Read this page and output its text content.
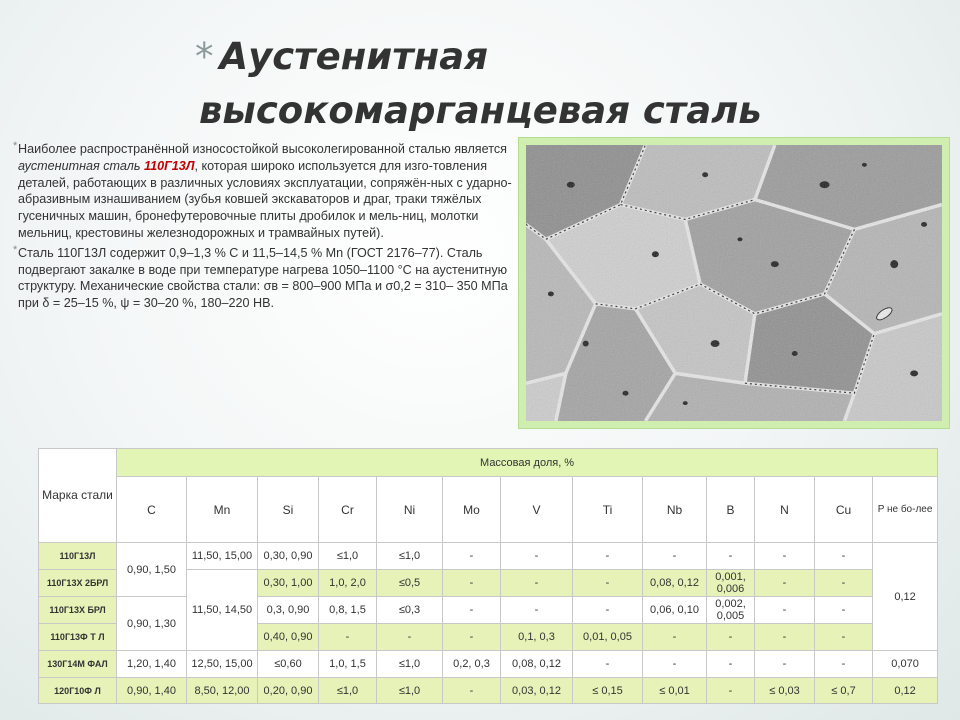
* Аустенитная
высокомарганцевая сталь

* Наиболее распространённой износостойкой высоколегированной сталью является аустенитная сталь 110Г13Л, которая широко используется для изго-товления деталей, работающих в различных условиях эксплуатации, сопряжён-ных с ударно-абразивным изнашиванием (зубья ковшей экскаваторов и драг, траки тяжёлых гусеничных машин, бронефутеровочные плиты дробилок и мель-ниц, молотки мельниц, крестовины железнодорожных и трамвайных путей).

* Сталь 110Г13Л содержит 0,9–1,3 % С и 11,5–14,5 % Mn (ГОСТ 2176–77). Сталь подвергают закалке в воде при температуре нагрева 1050–1100 °С на аустенитную структуру. Механические свойства стали: σв = 800–900 МПа и σ0,2 = 310– 350 МПа при δ = 25–15 %, ψ = 30–20 %, 180–220 НВ.

Марка стали	Массовая доля, %												
	C	Mn	Si	Cr	Ni	Mo	V	Ti	Nb	B	N	Cu	P не бо-лее
110Г13Л	0,90, 1,50	11,50, 15,00	0,30, 0,90	≤1,0	≤1,0	-	-	-	-	-	-	-	0,12
110Г13Х 2БРЛ		11,50, 14,50	0,30, 1,00	1,0, 2,0	≤0,5	-	-	-	0,08, 0,12	0,001, 0,006	-	-	
110Г13Х БРЛ	0,90, 1,30		0,3, 0,90	0,8, 1,5	≤0,3	-	-	-	0,06, 0,10	0,002, 0,005	-	-	
110Г13Ф Т Л			0,40, 0,90	-	-	-	0,1, 0,3	0,01, 0,05	-	-	-	-	
130Г14М ФАЛ	1,20, 1,40	12,50, 15,00	≤0,60	1,0, 1,5	≤1,0	0,2, 0,3	0,08, 0,12	-	-	-	-	-	0,070
120Г10Ф Л	0,90, 1,40	8,50, 12,00	0,20, 0,90	≤1,0	≤1,0	-	0,03, 0,12	≤ 0,15	≤ 0,01	-	≤ 0,03	≤ 0,7	0,12
